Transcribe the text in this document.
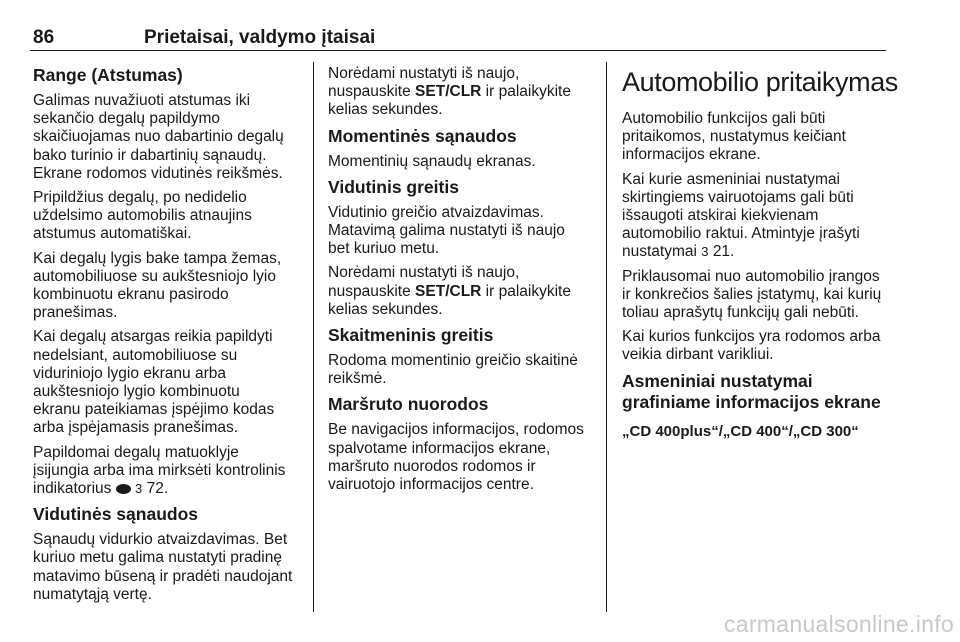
86	Prietaisai, valdymo įtaisai
Range (Atstumas)

Galimas nuvažiuoti atstumas iki
sekančio degalų papildymo
skaičiuojamas nuo dabartinio degalų
bako turinio ir dabartinių sąnaudų.
Ekrane rodomos vidutinės reikšmės.

Pripildžius degalų, po nedidelio
uždelsimo automobilis atnaujins
atstumus automatiškai.

Kai degalų lygis bake tampa žemas,
automobiliuose su aukštesniojo lyio
kombinuotu ekranu pasirodo
pranešimas.

Kai degalų atsargas reikia papildyti
nedelsiant, automobiliuose su
viduriniojo lygio ekranu arba
aukštesniojo lygio kombinuotu
ekranu pateikiamas įspėjimo kodas
arba įspėjamasis pranešimas.

Papildomai degalų matuoklyje
įsijungia arba ima mirksėti kontrolinis
indikatorius 3 72.

Vidutinės sąnaudos

Sąnaudų vidurkio atvaizdavimas. Bet
kuriuo metu galima nustatyti pradinę
matavimo būseną ir pradėti naudojant
numatytąją vertę.

Norėdami nustatyti iš naujo,
nuspauskite SET/CLR ir palaikykite
kelias sekundes.

Momentinės sąnaudos

Momentinių sąnaudų ekranas.

Vidutinis greitis

Vidutinio greičio atvaizdavimas.
Matavimą galima nustatyti iš naujo
bet kuriuo metu.

Norėdami nustatyti iš naujo,
nuspauskite SET/CLR ir palaikykite
kelias sekundes.

Skaitmeninis greitis

Rodoma momentinio greičio skaitinė
reikšmė.

Maršruto nuorodos

Be navigacijos informacijos, rodomos
spalvotame informacijos ekrane,
maršruto nuorodos rodomos ir
vairuotojo informacijos centre.

Automobilio pritaikymas

Automobilio funkcijos gali būti
pritaikomos, nustatymus keičiant
informacijos ekrane.

Kai kurie asmeniniai nustatymai
skirtingiems vairuotojams gali būti
išsaugoti atskirai kiekvienam
automobilio raktui. Atmintyje įrašyti
nustatymai 3 21.

Priklausomai nuo automobilio įrangos
ir konkrečios šalies įstatymų, kai kurių
toliau aprašytų funkcijų gali nebūti.

Kai kurios funkcijos yra rodomos arba
veikia dirbant varikliui.

Asmeniniai nustatymai
grafiniame informacijos ekrane

„CD 400plus“/„CD 400“/„CD 300“

carmanualsonline.info
